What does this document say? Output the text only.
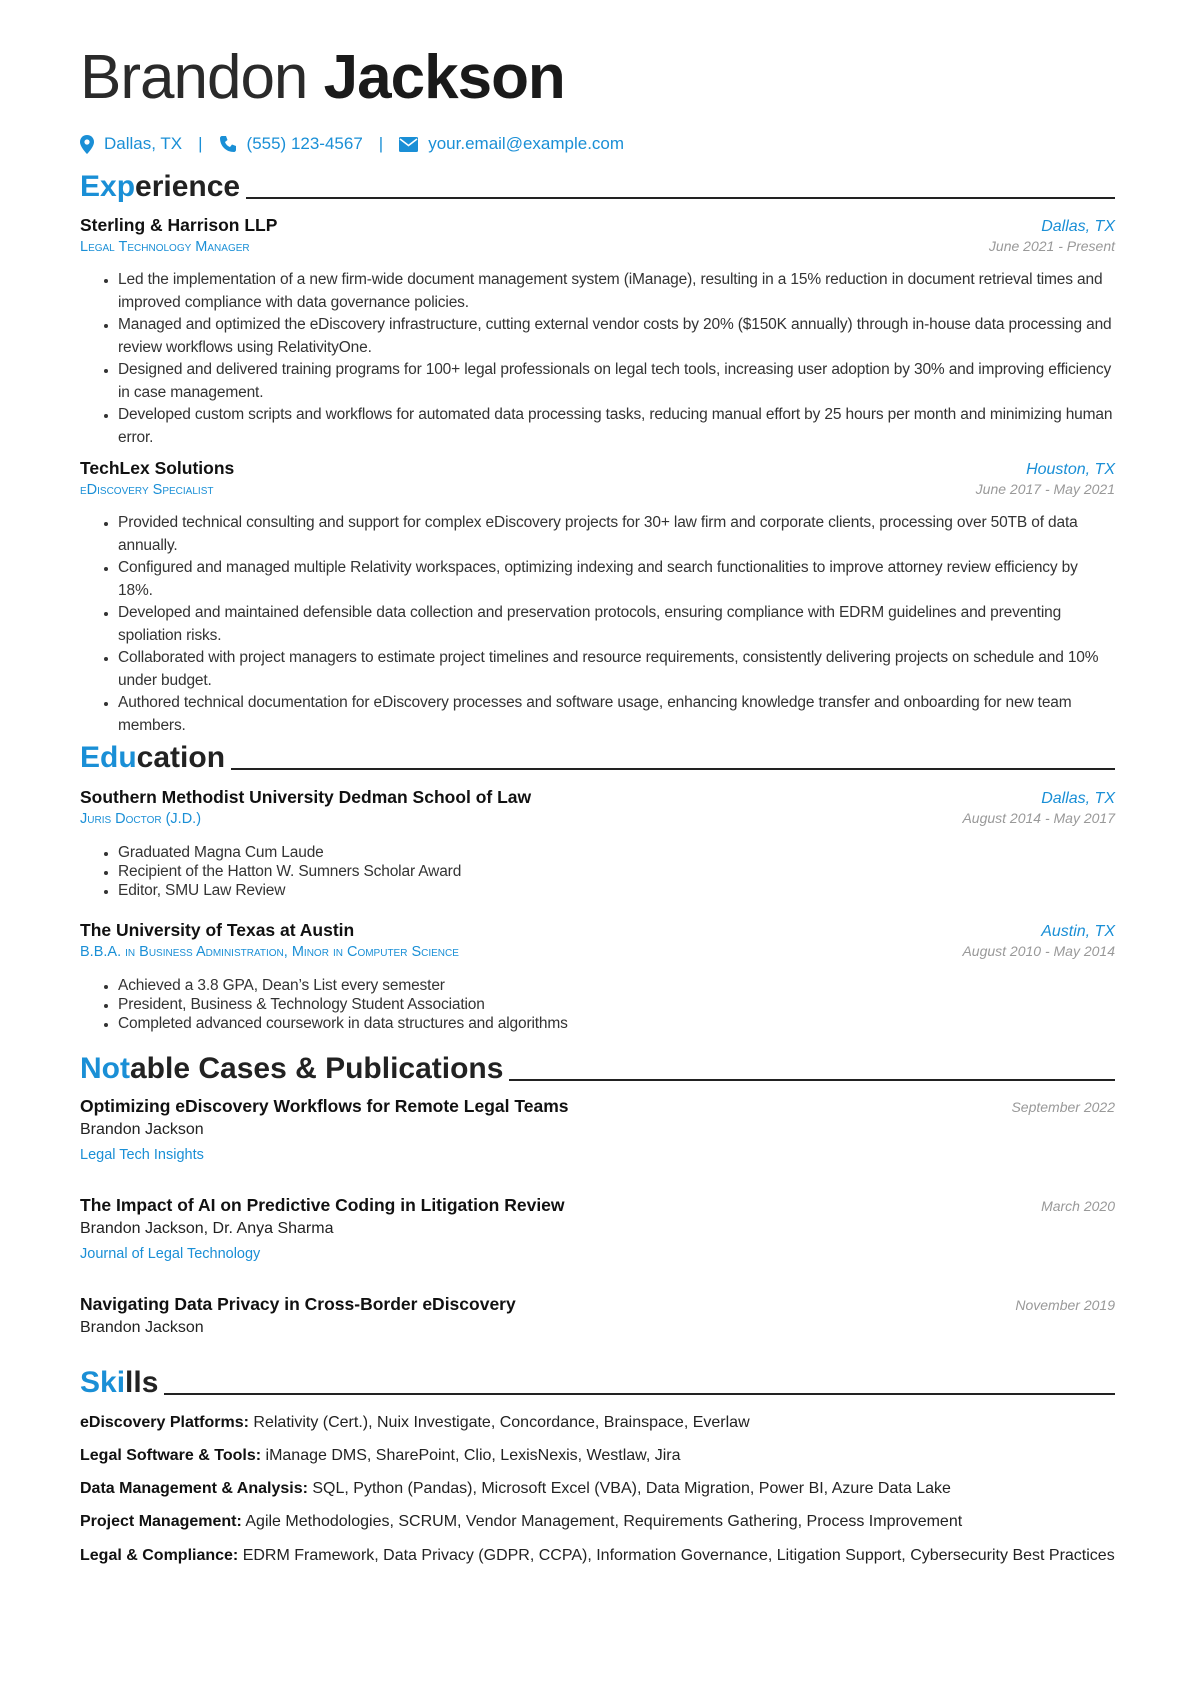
Brandon Jackson
Dallas, TX |	(555) 123-4567 |	your.email@example.com
Exp erience
Sterling & Harrison LLP	Dallas, TX
Legal Technology Manager	June 2021 - Present
• Led the implementation of a new firm-wide document management system (iManage), resulting in a 15% reduction in document retrieval times and improved compliance with data governance policies.
• Managed and optimized the eDiscovery infrastructure, cutting external vendor costs by 20% ($150K annually) through in-house data processing and review workflows using RelativityOne.
• Designed and delivered training programs for 100+ legal professionals on legal tech tools, increasing user adoption by 30% and improving efficiency in case management.
• Developed custom scripts and workflows for automated data processing tasks, reducing manual effort by 25 hours per month and minimizing human error.
TechLex Solutions	Houston, TX
eDiscovery Specialist	June 2017 - May 2021
• Provided technical consulting and support for complex eDiscovery projects for 30+ law firm and corporate clients, processing over 50TB of data annually.
• Configured and managed multiple Relativity workspaces, optimizing indexing and search functionalities to improve attorney review efficiency by 18%.
• Developed and maintained defensible data collection and preservation protocols, ensuring compliance with EDRM guidelines and preventing spoliation risks.
• Collaborated with project managers to estimate project timelines and resource requirements, consistently delivering projects on schedule and 10% under budget.
• Authored technical documentation for eDiscovery processes and software usage, enhancing knowledge transfer and onboarding for new team members.
Edu cation
Southern Methodist University Dedman School of Law	Dallas, TX
Juris Doctor (J.D.)	August 2014 - May 2017
• Graduated Magna Cum Laude
• Recipient of the Hatton W. Sumners Scholar Award
• Editor, SMU Law Review
The University of Texas at Austin	Austin, TX
B.B.A. in Business Administration, Minor in Computer Science	August 2010 - May 2014
• Achieved a 3.8 GPA, Dean’s List every semester
• President, Business & Technology Student Association
• Completed advanced coursework in data structures and algorithms
Not able Cases & Publications
Optimizing eDiscovery Workflows for Remote Legal Teams	September 2022
Brandon Jackson
Legal Tech Insights
The Impact of AI on Predictive Coding in Litigation Review	March 2020
Brandon Jackson, Dr. Anya Sharma
Journal of Legal Technology
Navigating Data Privacy in Cross-Border eDiscovery	November 2019
Brandon Jackson
Ski lls
eDiscovery Platforms: Relativity (Cert.), Nuix Investigate, Concordance, Brainspace, Everlaw
Legal Software & Tools: iManage DMS, SharePoint, Clio, LexisNexis, Westlaw, Jira
Data Management & Analysis: SQL, Python (Pandas), Microsoft Excel (VBA), Data Migration, Power BI, Azure Data Lake
Project Management: Agile Methodologies, SCRUM, Vendor Management, Requirements Gathering, Process Improvement
Legal & Compliance: EDRM Framework, Data Privacy (GDPR, CCPA), Information Governance, Litigation Support, Cybersecurity Best Practices
